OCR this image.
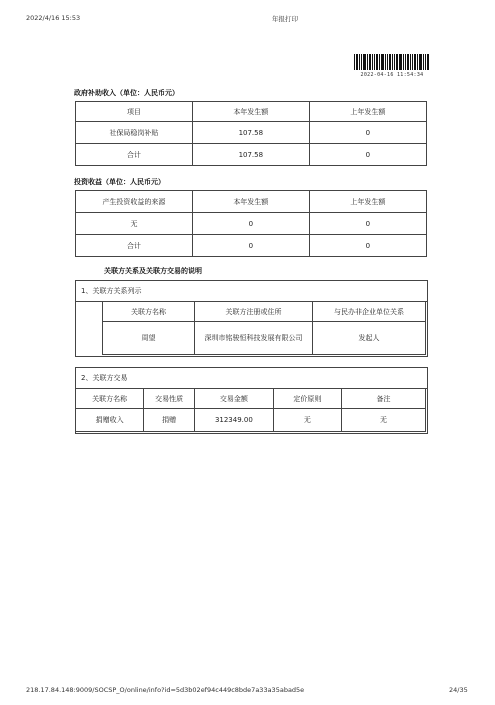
2022/4/16 15:53	年报打印
2022-04-16 11:54:34
政府补助收入（单位：人民币元）
项目	本年发生额	上年发生额
社保局稳岗补贴	107.58	0
合计	107.58	0
投资收益（单位：人民币元）
产生投资收益的来源	本年发生额	上年发生额
无	0	0
合计	0	0
关联方关系及关联方交易的说明
1、关联方关系列示
关联方名称	关联方注册或住所	与民办非企业单位关系
周望	深圳市铭骏恒科技发展有限公司	发起人
2、关联方交易
关联方名称	交易性质	交易金额	定价原则	备注
捐赠收入	捐赠	312349.00	无	无
218.17.84.148:9009/SOCSP_O/online/info?id=5d3b02ef94c449c8bde7a33a35abad5e	24/35
